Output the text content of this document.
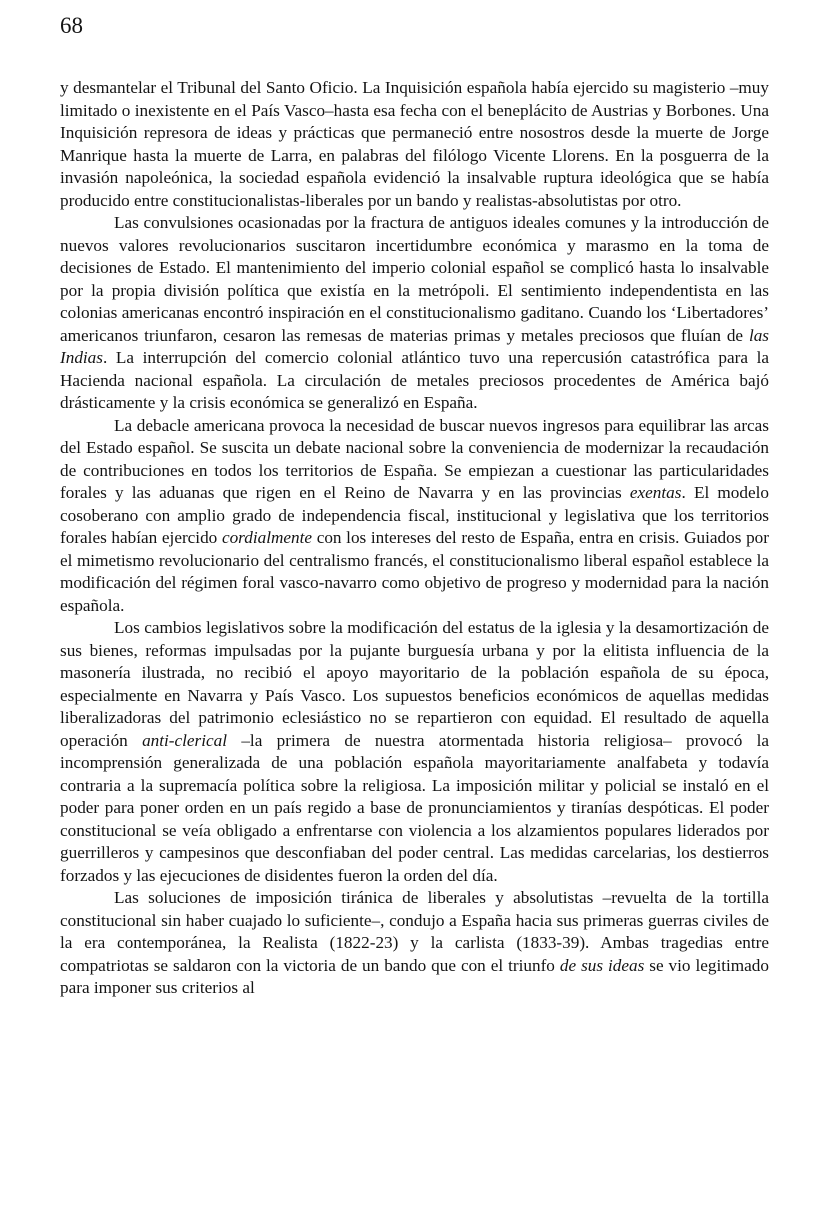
68

y desmantelar el Tribunal del Santo Oficio. La Inquisición española había ejercido su magisterio –muy limitado o inexistente en el País Vasco–hasta esa fecha con el beneplácito de Austrias y Borbones. Una Inquisición represora de ideas y prácticas que permaneció entre nosostros desde la muerte de Jorge Manrique hasta la muerte de Larra, en palabras del filólogo Vicente Llorens. En la posguerra de la invasión napoleónica, la sociedad española evidenció la insalvable ruptura ideológica que se había producido entre constitucionalistas-liberales por un bando y realistas-absolutistas por otro.

Las convulsiones ocasionadas por la fractura de antiguos ideales comunes y la introducción de nuevos valores revolucionarios suscitaron incertidumbre económica y marasmo en la toma de decisiones de Estado. El mantenimiento del imperio colonial español se complicó hasta lo insalvable por la propia división política que existía en la metrópoli. El sentimiento independentista en las colonias americanas encontró inspiración en el constitucionalismo gaditano. Cuando los ‘Libertadores’ americanos triunfaron, cesaron las remesas de materias primas y metales preciosos que fluían de las Indias. La interrupción del comercio colonial atlántico tuvo una repercusión catastrófica para la Hacienda nacional española. La circulación de metales preciosos procedentes de América bajó drásticamente y la crisis económica se generalizó en España.

La debacle americana provoca la necesidad de buscar nuevos ingresos para equilibrar las arcas del Estado español. Se suscita un debate nacional sobre la conveniencia de modernizar la recaudación de contribuciones en todos los territorios de España. Se empiezan a cuestionar las particularidades forales y las aduanas que rigen en el Reino de Navarra y en las provincias exentas. El modelo cosoberano con amplio grado de independencia fiscal, institucional y legislativa que los territorios forales habían ejercido cordialmente con los intereses del resto de España, entra en crisis. Guiados por el mimetismo revolucionario del centralismo francés, el constitucionalismo liberal español establece la modificación del régimen foral vasco-navarro como objetivo de progreso y modernidad para la nación española.

Los cambios legislativos sobre la modificación del estatus de la iglesia y la desamortización de sus bienes, reformas impulsadas por la pujante burguesía urbana y por la elitista influencia de la masonería ilustrada, no recibió el apoyo mayoritario de la población española de su época, especialmente en Navarra y País Vasco. Los supuestos beneficios económicos de aquellas medidas liberalizadoras del patrimonio eclesiástico no se repartieron con equidad. El resultado de aquella operación anti-clerical –la primera de nuestra atormentada historia religiosa– provocó la incomprensión generalizada de una población española mayoritariamente analfabeta y todavía contraria a la supremacía política sobre la religiosa. La imposición militar y policial se instaló en el poder para poner orden en un país regido a base de pronunciamientos y tiranías despóticas. El poder constitucional se veía obligado a enfrentarse con violencia a los alzamientos populares liderados por guerrilleros y campesinos que desconfiaban del poder central. Las medidas carcelarias, los destierros forzados y las ejecuciones de disidentes fueron la orden del día.

Las soluciones de imposición tiránica de liberales y absolutistas –revuelta de la tortilla constitucional sin haber cuajado lo suficiente–, condujo a España hacia sus primeras guerras civiles de la era contemporánea, la Realista (1822-23) y la carlista (1833-39). Ambas tragedias entre compatriotas se saldaron con la victoria de un bando que con el triunfo de sus ideas se vio legitimado para imponer sus criterios al
